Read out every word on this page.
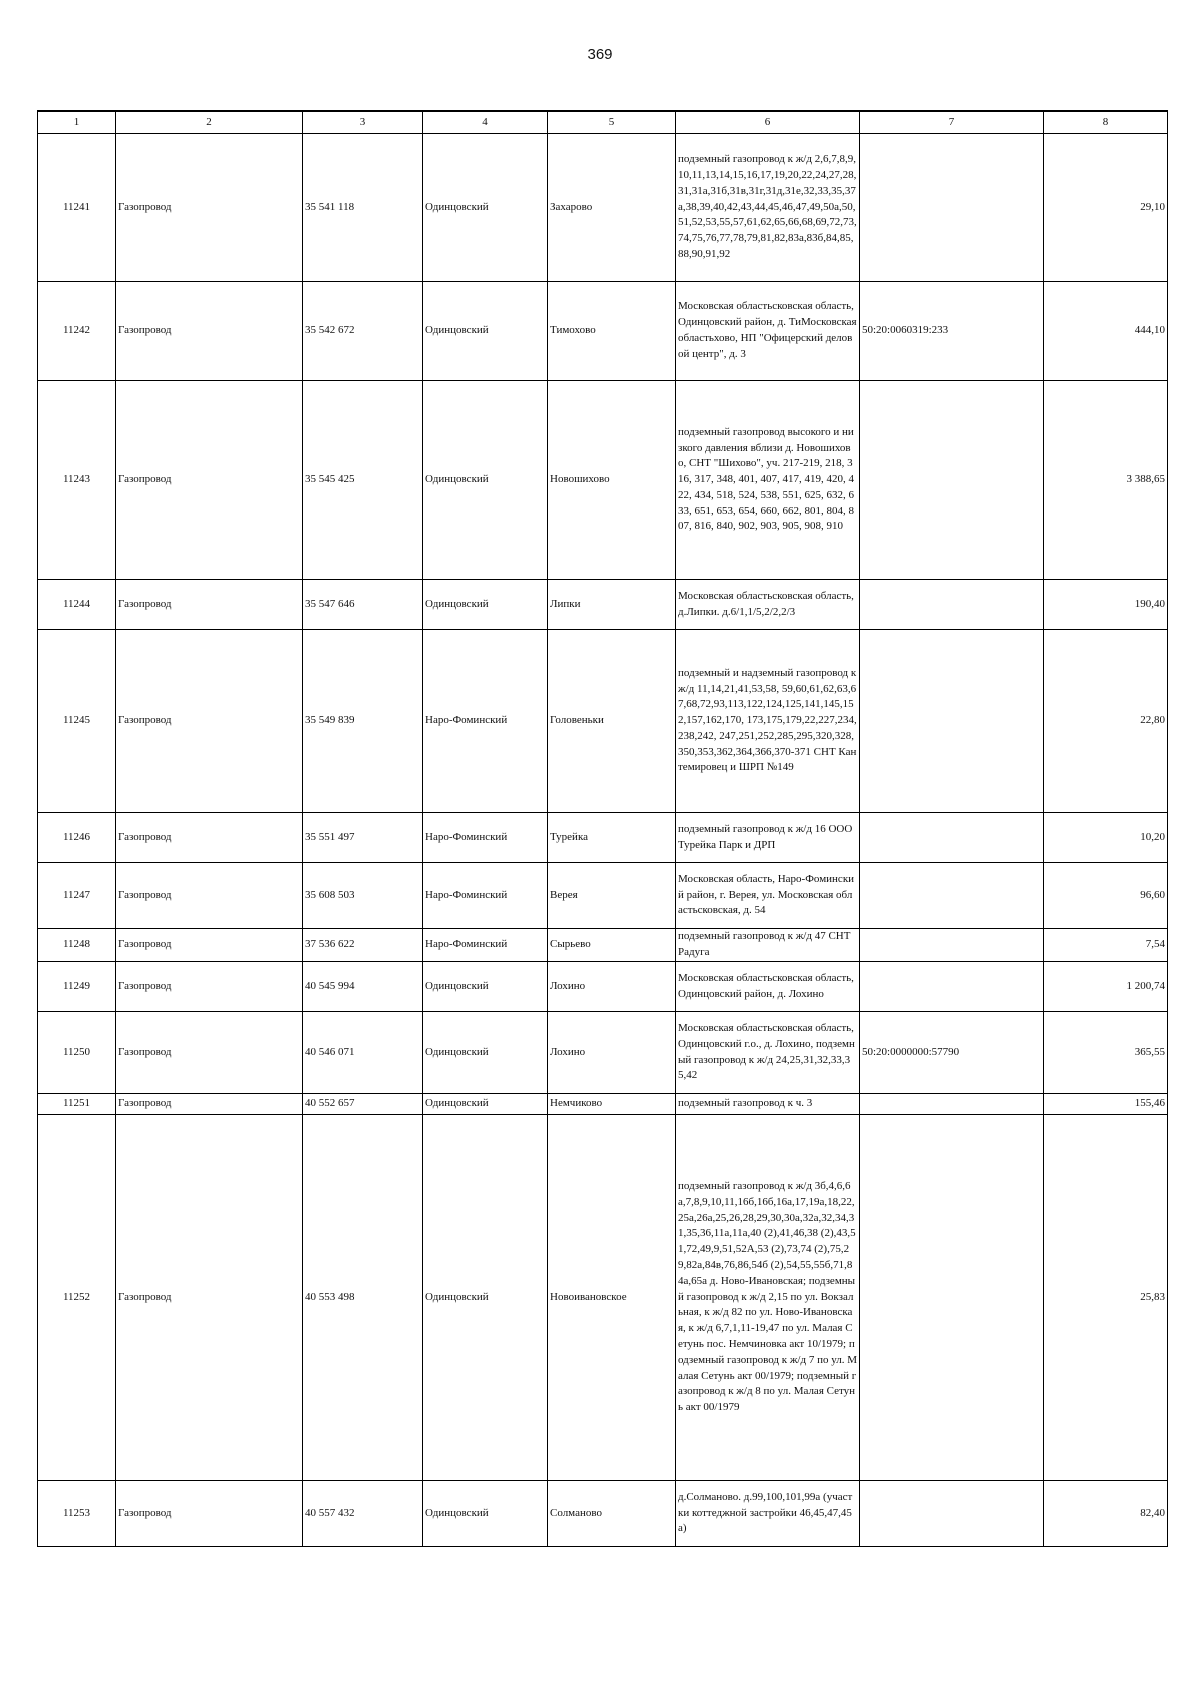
369
1	2	3	4	5	6	7	8
11241	Газопровод	35 541 118	Одинцовский	Захарово	подземный газопровод к ж/д 2,6,7,8,9,10,11,13,14,15,16,17,19,20,22,24,27,28,31,31а,31б,31в,31г,31д,31е,32,33,35,37а,38,39,40,42,43,44,45,46,47,49,50а,50,51,52,53,55,57,61,62,65,66,68,69,72,73,74,75,76,77,78,79,81,82,83а,83б,84,85,88,90,91,92		29,10
11242	Газопровод	35 542 672	Одинцовский	Тимохово	Московская областьсковская область, Одинцовский район, д. ТиМосковская областьхово, НП "Офицерский деловой центр", д. 3	50:20:0060319:233	444,10
11243	Газопровод	35 545 425	Одинцовский	Новошихово	подземный газопровод высокого и низкого давления вблизи д. Новошихово, СНТ "Шихово", уч. 217-219, 218, 316, 317, 348, 401, 407, 417, 419, 420, 422, 434, 518, 524, 538, 551, 625, 632, 633, 651, 653, 654, 660, 662, 801, 804, 807, 816, 840, 902, 903, 905, 908, 910		3 388,65
11244	Газопровод	35 547 646	Одинцовский	Липки	Московская областьсковская область, д.Липки. д.6/1,1/5,2/2,2/3		190,40
11245	Газопровод	35 549 839	Наро-Фоминский	Головеньки	подземный и надземный газопровод к ж/д 11,14,21,41,53,58, 59,60,61,62,63,67,68,72,93,113,122,124,125,141,145,152,157,162,170, 173,175,179,22,227,234,238,242, 247,251,252,285,295,320,328,350,353,362,364,366,370-371 СНТ Кантемировец и ШРП №149		22,80
11246	Газопровод	35 551 497	Наро-Фоминский	Турейка	подземный газопровод к ж/д 16 ООО Турейка Парк и ДРП		10,20
11247	Газопровод	35 608 503	Наро-Фоминский	Верея	Московская область, Наро-Фоминский район, г. Верея, ул. Московская областьсковская, д. 54		96,60
11248	Газопровод	37 536 622	Наро-Фоминский	Сырьево	подземный газопровод к ж/д 47 СНТ Радуга		7,54
11249	Газопровод	40 545 994	Одинцовский	Лохино	Московская областьсковская область, Одинцовский район, д. Лохино		1 200,74
11250	Газопровод	40 546 071	Одинцовский	Лохино	Московская областьсковская область, Одинцовский г.о., д. Лохино, подземный газопровод к ж/д 24,25,31,32,33,35,42	50:20:0000000:57790	365,55
11251	Газопровод	40 552 657	Одинцовский	Немчиково	подземный газопровод к ч. 3		155,46
11252	Газопровод	40 553 498	Одинцовский	Новоивановское	подземный газопровод к ж/д 3б,4,6,6а,7,8,9,10,11,16б,16б,16а,17,19а,18,22,25а,26а,25,26,28,29,30,30а,32а,32,34,31,35,36,11а,11а,40 (2),41,46,38 (2),43,51,72,49,9,51,52А,53 (2),73,74 (2),75,29,82а,84в,76,86,54б (2),54,55,55б,71,84а,65а д. Ново-Ивановская; подземный газопровод к ж/д 2,15 по ул. Вокзальная, к ж/д 82 по ул. Ново-Ивановская, к ж/д 6,7,1,11-19,47 по ул. Малая Сетунь пос. Немчиновка акт 10/1979; подземный газопровод к ж/д 7 по ул. Малая Сетунь акт 00/1979; подземный газопровод к ж/д 8 по ул. Малая Сетунь акт 00/1979		25,83
11253	Газопровод	40 557 432	Одинцовский	Солманово	д.Солманово. д.99,100,101,99а (участки коттеджной застройки 46,45,47,45а)		82,40
